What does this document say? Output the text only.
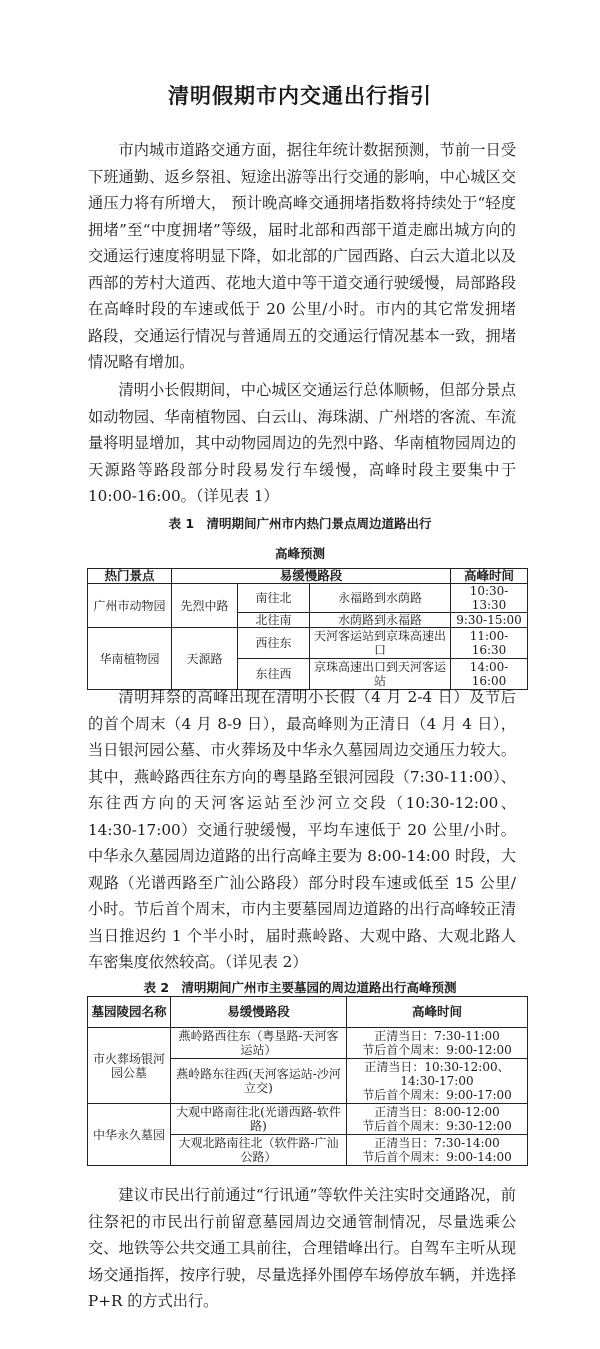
清明假期市内交通出行指引

市内城市道路交通方面，据往年统计数据预测，节前一日受下班通勤、返乡祭祖、短途出游等出行交通的影响，中心城区交通压力将有所增大， 预计晚高峰交通拥堵指数将持续处于“轻度拥堵”至“中度拥堵”等级，届时北部和西部干道走廊出城方向的交通运行速度将明显下降，如北部的广园西路、白云大道北以及西部的芳村大道西、花地大道中等干道交通行驶缓慢，局部路段在高峰时段的车速或低于 20 公里/小时。市内的其它常发拥堵路段，交通运行情况与普通周五的交通运行情况基本一致，拥堵情况略有增加。

清明小长假期间，中心城区交通运行总体顺畅，但部分景点如动物园、华南植物园、白云山、海珠湖、广州塔的客流、车流量将明显增加，其中动物园周边的先烈中路、华南植物园周边的天源路等路段部分时段易发行车缓慢，高峰时段主要集中于 10:00-16:00。（详见表 1）

表 1　清明期间广州市内热门景点周边道路出行
高峰预测
热门景点	易缓慢路段			高峰时间
广州市动物园	先烈中路	南往北	永福路到水荫路	10:30-13:30
		北往南	水荫路到永福路	9:30-15:00
华南植物园	天源路	西往东	天河客运站到京珠高速出口	11:00-16:30
		东往西	京珠高速出口到天河客运站	14:00-16:00

清明拜祭的高峰出现在清明小长假（4 月 2-4 日）及节后的首个周末（4 月 8-9 日），最高峰则为正清日（4 月 4 日），当日银河园公墓、市火葬场及中华永久墓园周边交通压力较大。其中，燕岭路西往东方向的粤垦路至银河园段（7:30-11:00）、东往西方向的天河客运站至沙河立交段（10:30-12:00、14:30-17:00）交通行驶缓慢，平均车速低于 20 公里/小时。中华永久墓园周边道路的出行高峰主要为 8:00-14:00 时段，大观路（光谱西路至广汕公路段）部分时段车速或低至 15 公里/小时。节后首个周末，市内主要墓园周边道路的出行高峰较正清当日推迟约 1 个半小时，届时燕岭路、大观中路、大观北路人车密集度依然较高。（详见表 2）

表 2　清明期间广州市主要墓园的周边道路出行高峰预测
墓园陵园名称	易缓慢路段	高峰时间
市火葬场银河园公墓	燕岭路西往东（粤垦路-天河客运站）	正清当日：7:30-11:00
节后首个周末：9:00-12:00

	燕岭路东往西(天河客运站-沙河立交)	正清当日：10:30-12:00、14:30-17:00
节后首个周末：9:00-17:00

中华永久墓园	大观中路南往北(光谱西路-软件路)	正清当日：8:00-12:00
节后首个周末：9:30-12:00

	大观北路南往北（软件路-广汕公路）	正清当日：7:30-14:00
节后首个周末：9:00-14:00

建议市民出行前通过“行讯通”等软件关注实时交通路况，前往祭祀的市民出行前留意墓园周边交通管制情况，尽量选乘公交、地铁等公共交通工具前往，合理错峰出行。自驾车主听从现场交通指挥，按序行驶，尽量选择外围停车场停放车辆，并选择 P+R 的方式出行。
